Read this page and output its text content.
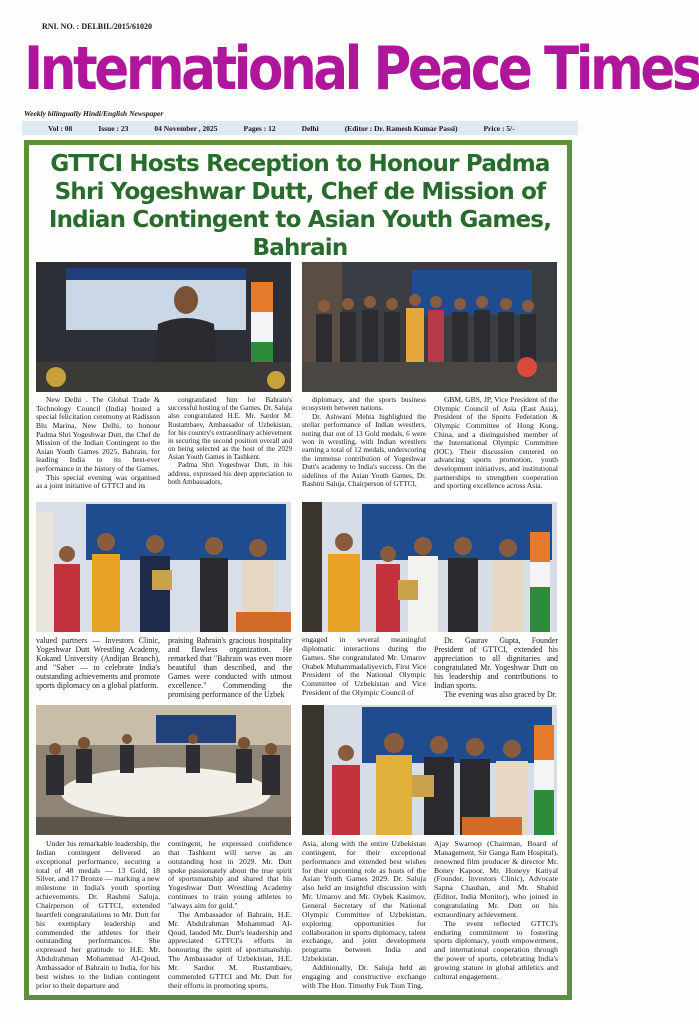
RNI. NO. : DELBIL/2015/61020
International Peace Times
Weekly bilingually Hindi/English Newspaper
Vol : 08	Issue : 23	04 November , 2025	Pages : 12	Delhi	(Editor : Dr. Ramesh Kumar Passi)	Price : 5/-
GTTCI Hosts Reception to Honour Padma Shri Yogeshwar Dutt, Chef de Mission of Indian Contingent to Asian Youth Games, Bahrain

New Delhi . The Global Trade & Technology Council (India) hosted a special felicitation ceremony at Radisson Blu Marina, New Delhi, to honour Padma Shri Yogeshwar Dutt, the Chef de Mission of the Indian Contingent to the Asian Youth Games 2025, Bahrain, for leading India to its best-ever performance in the history of the Games.

This special evening was organised as a joint initiative of GTTCI and its

congratulated him for Bahrain's successful hosting of the Games. Dr. Saluja also congratulated H.E. Mr. Sardor M. Rustambaev, Ambassador of Uzbekistan, for his country's extraordinary achievement in securing the second position overall and on being selected as the host of the 2029 Asian Youth Games in Tashkent.

Padma Shri Yogeshwar Dutt, in his address, expressed his deep appreciation to both Ambassadors,

diplomacy, and the sports business ecosystem between nations.

Dr. Ashwani Mehta highlighted the stellar performance of Indian wrestlers, noting that out of 13 Gold medals, 6 were won in wrestling, with Indian wrestlers earning a total of 12 medals, underscoring the immense contribution of Yogeshwar Dutt's academy to India's success. On the sidelines of the Asian Youth Games, Dr. Rashmi Saluja, Chairperson of GTTCI,

GBM, GBS, JP, Vice President of the Olympic Council of Asia (East Asia), President of the Sports Federation & Olympic Committee of Hong Kong, China, and a distinguished member of the International Olympic Committee (IOC). Their discussion centered on advancing sports promotion, youth development initiatives, and institutional partnerships to strengthen cooperation and sporting excellence across Asia.

valued partners — Investors Clinic, Yogeshwar Dutt Wrestling Academy, Kokand University (Andijan Branch), and "Saber — to celebrate India's outstanding achievements and promote sports diplomacy on a global platform.

praising Bahrain's gracious hospitality and flawless organization. He remarked that "Bahrain was even more beautiful than described, and the Games were conducted with utmost excellence." Commending the promising performance of the Uzbek

engaged in several meaningful diplomatic interactions during the Games. She congratulated Mr. Umarov Otabek Muhammadaliyevich, First Vice President of the National Olympic Committee of Uzbekistan and Vice President of the Olympic Council of

Dr. Gaurav Gupta, Founder President of GTTCI, extended his appreciation to all dignitaries and congratulated Mr. Yogeshwar Dutt on his leadership and contributions to Indian sports.

The evening was also graced by Dr.

Under his remarkable leadership, the Indian contingent delivered an exceptional performance, securing a total of 48 medals — 13 Gold, 18 Silver, and 17 Bronze — marking a new milestone in India's youth sporting achievements. Dr. Rashmi Saluja, Chairperson of GTTCI, extended heartfelt congratulations to Mr. Dutt for his exemplary leadership and commended the athletes for their outstanding performances. She expressed her gratitude to H.E. Mr. Abdulrahman Mohammad Al-Qoud, Ambassador of Bahrain to India, for his best wishes to the Indian contingent prior to their departure and

contingent, he expressed confidence that Tashkent will serve as an outstanding host in 2029. Mr. Dutt spoke passionately about the true spirit of sportsmanship and shared that his Yogeshwar Dutt Wrestling Academy continues to train young athletes to "always aim for gold."

The Ambassador of Bahrain, H.E. Mr. Abdulrahman Mohammad Al-Qoud, lauded Mr. Dutt's leadership and appreciated GTTCI's efforts in honouring the spirit of sportsmanship. The Ambassador of Uzbekistan, H.E. Mr. Sardor M. Rustambaev, commended GTTCI and Mr. Dutt for their efforts in promoting sports,

Asia, along with the entire Uzbekistan contingent, for their exceptional performance and extended best wishes for their upcoming role as hosts of the Asian Youth Games 2029. Dr. Saluja also held an insightful discussion with Mr. Umarov and Mr. Oybek Kasimov, General Secretary of the National Olympic Committee of Uzbekistan, exploring opportunities for collaboration in sports diplomacy, talent exchange, and joint development programs between India and Uzbekistan.

Additionally, Dr. Saluja held an engaging and constructive exchange with The Hon. Timothy Fok Tsun Ting,

Ajay Swaroop (Chairman, Board of Management, Sir Ganga Ram Hospital), renowned film producer & director Mr. Boney Kapoor, Mr. Honeyy Katiyal (Founder, Investors Clinic), Advocate Sapna Chauhan, and Mr. Shahid (Editor, India Monitor), who joined in congratulating Mr. Dutt on his extraordinary achievement.

The event reflected GTTCI's enduring commitment to fostering sports diplomacy, youth empowerment, and international cooperation through the power of sports, celebrating India's growing stature in global athletics and cultural engagement.
